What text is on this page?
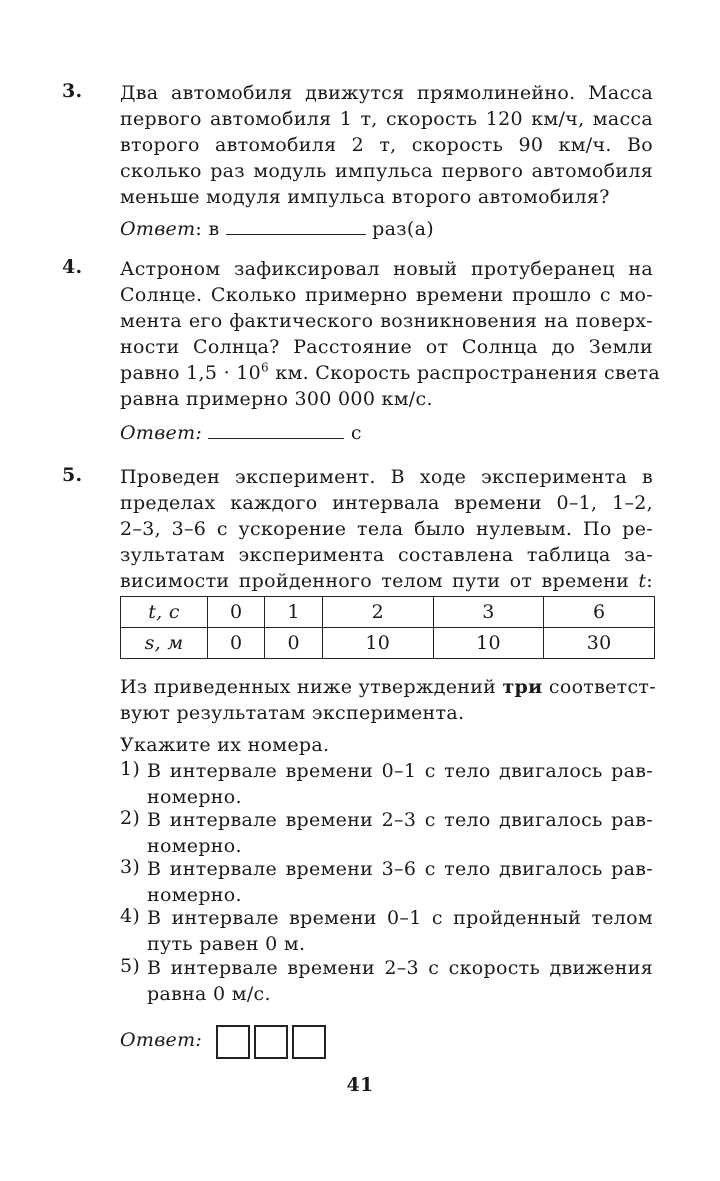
3. Два автомобиля движутся прямолинейно. Масса
первого автомобиля 1 т, скорость 120 км/ч, масса
второго автомобиля 2 т, скорость 90 км/ч. Во
сколько раз модуль импульса первого автомобиля
меньше модуля импульса второго автомобиля?
Ответ: в	раз(а)
4. Астроном зафиксировал новый протуберанец на
Солнце. Сколько примерно времени прошло с мо-
мента его фактического возникновения на поверх-
ности Солнца? Расстояние от Солнца до Земли
равно $1,5 \cdot 10^6$ км. Скорость распространения света
равна примерно 300 000 км/с.
Ответ:	с
5. Проведен эксперимент. В ходе эксперимента в
пределах каждого интервала времени 0–1, 1–2,
2–3, 3–6 с ускорение тела было нулевым. По ре-
зультатам эксперимента составлена таблица за-
висимости пройденного телом пути от времени t:
t, c	0	1	2	3	6
s, м	0	0	10	10	30
Из приведенных ниже утверждений три соответст-
вуют результатам эксперимента.
Укажите их номера.
1) В интервале времени 0–1 с тело двигалось рав-
номерно.
2) В интервале времени 2–3 с тело двигалось рав-
номерно.
3) В интервале времени 3–6 с тело двигалось рав-
номерно.
4) В интервале времени 0–1 с пройденный телом
путь равен 0 м.
5) В интервале времени 2–3 с скорость движения
равна 0 м/с.
Ответ:
41
